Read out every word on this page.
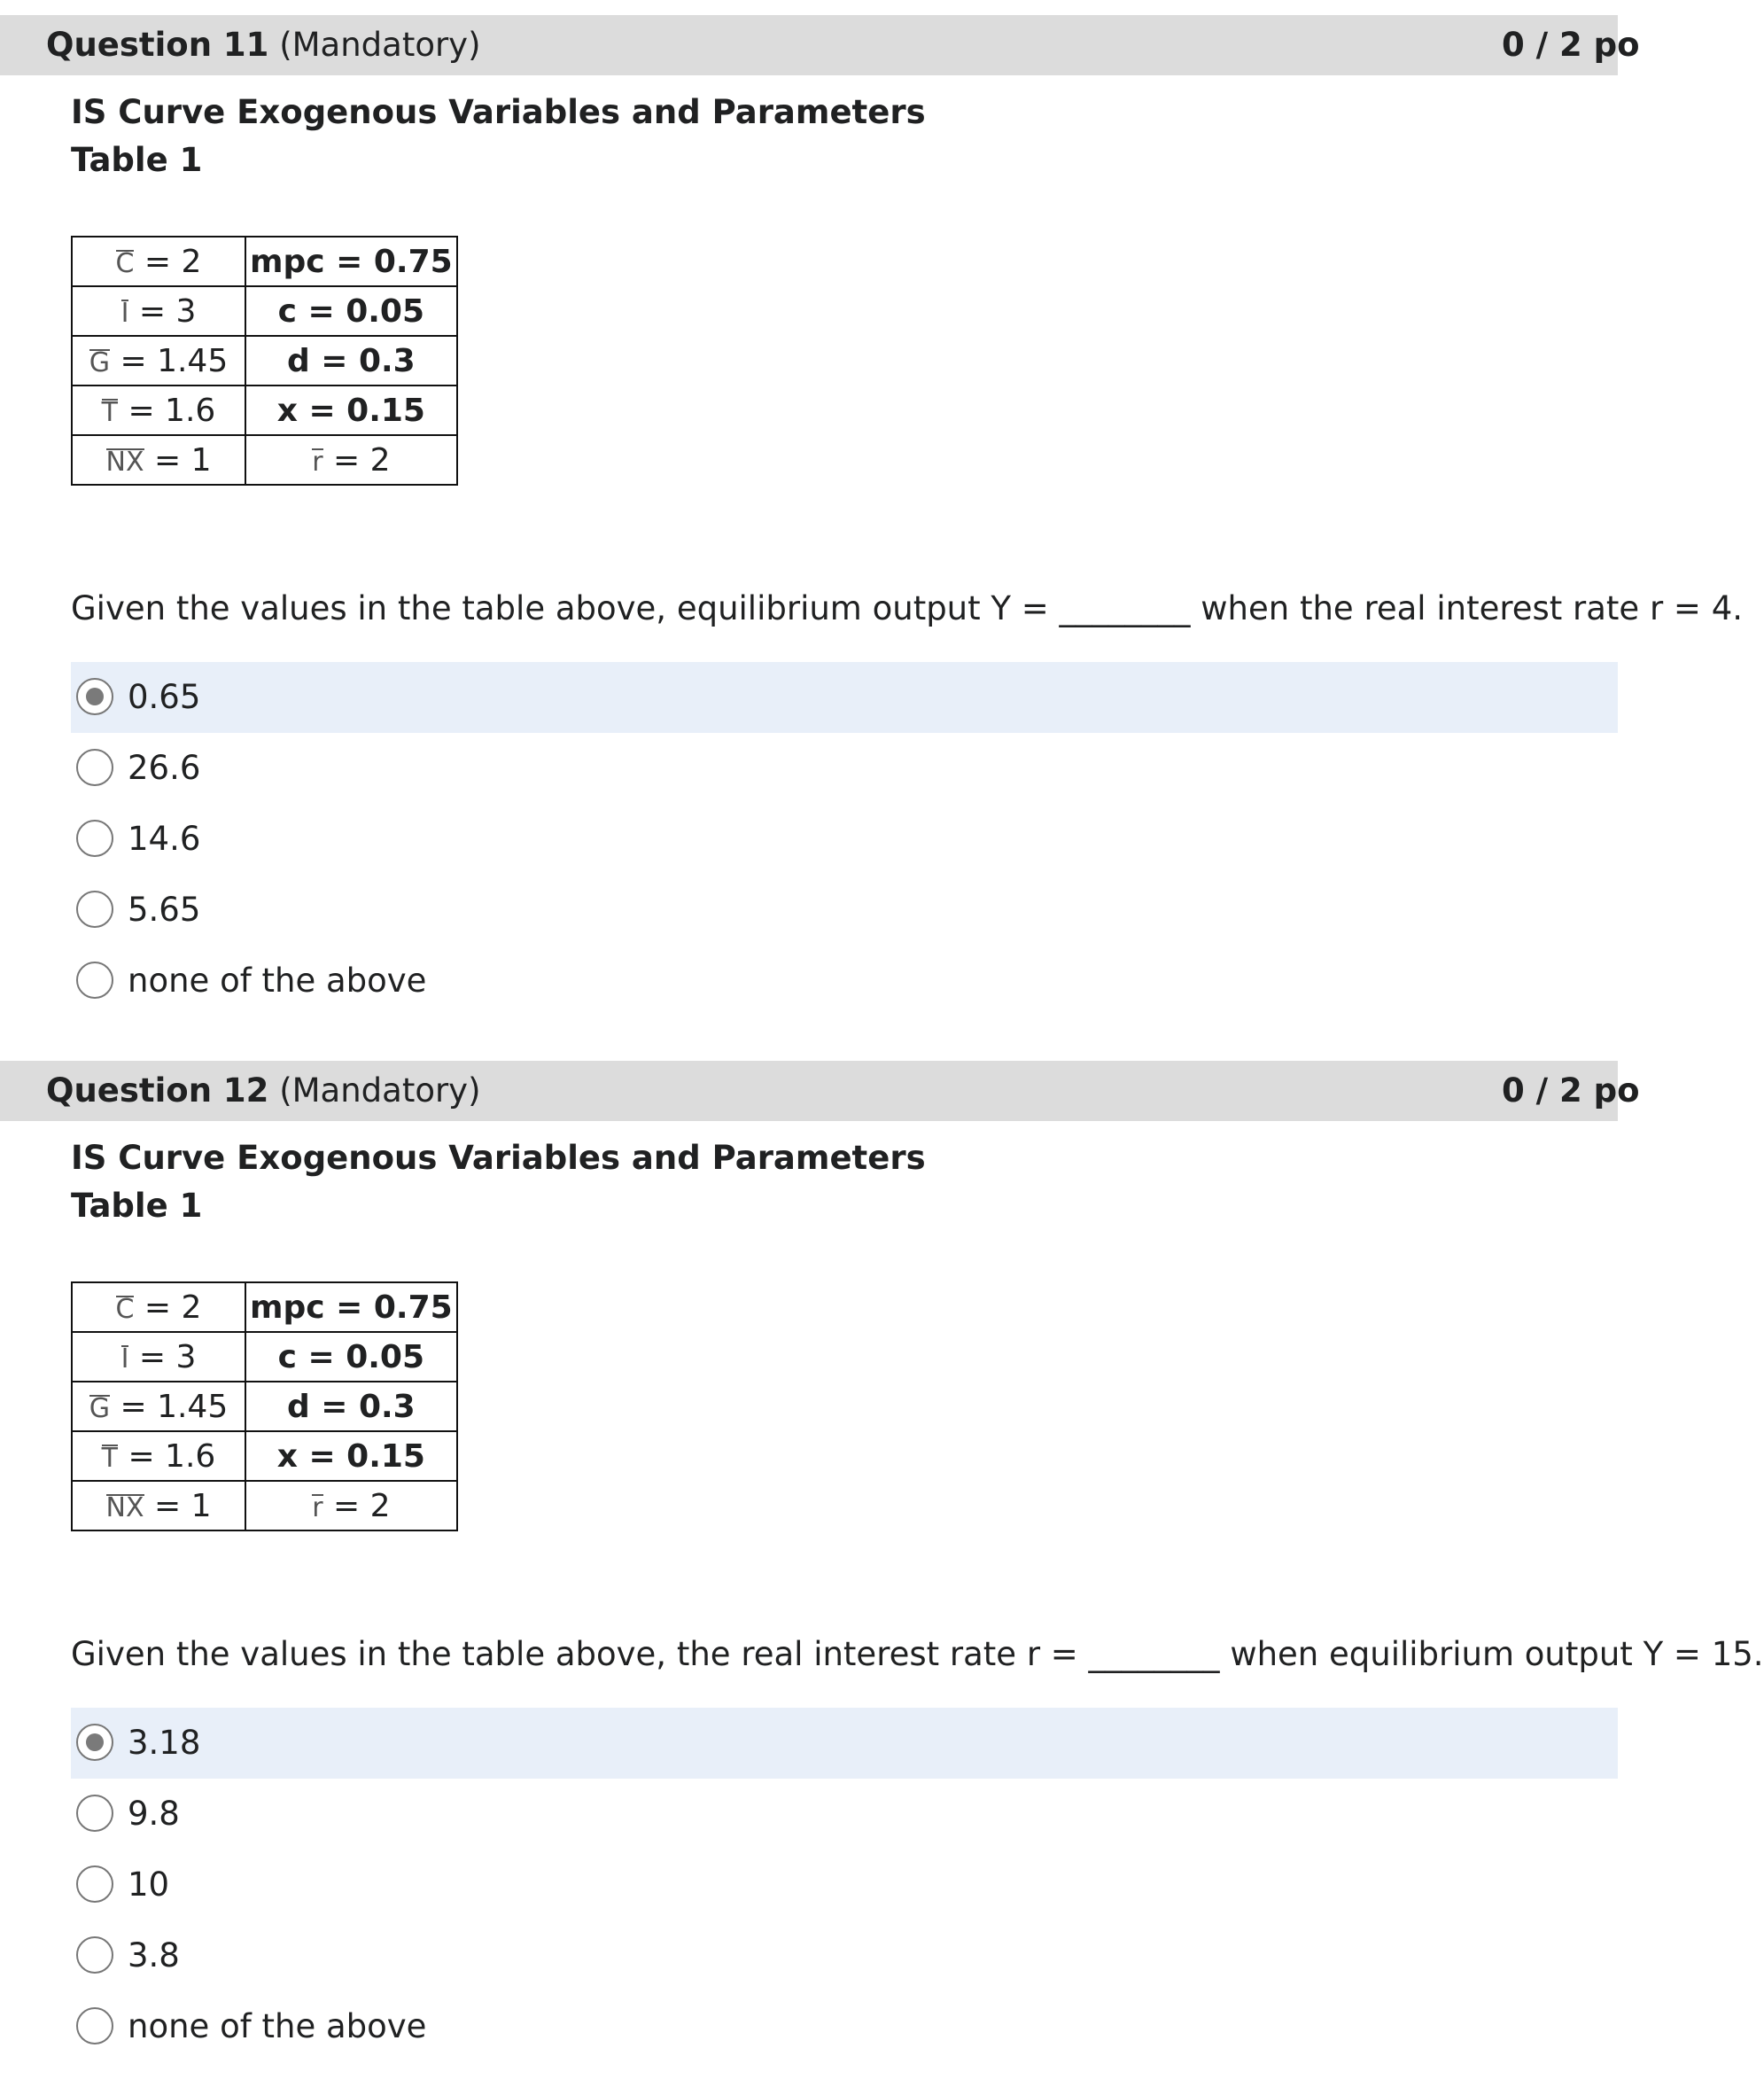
Question 11 (Mandatory)	0 / 2 po
IS Curve Exogenous Variables and Parameters
Table 1
C = 2	mpc = 0.75
I = 3	c = 0.05
G = 1.45	d = 0.3
T = 1.6	x = 0.15
NX = 1	r = 2
Given the values in the table above, equilibrium output Y = ________ when the real interest rate r = 4.
0.65
26.6
14.6
5.65
none of the above
Question 12 (Mandatory)	0 / 2 po
IS Curve Exogenous Variables and Parameters
Table 1
C = 2	mpc = 0.75
I = 3	c = 0.05
G = 1.45	d = 0.3
T = 1.6	x = 0.15
NX = 1	r = 2
Given the values in the table above, the real interest rate r = ________ when equilibrium output Y = 15.
3.18
9.8
10
3.8
none of the above
